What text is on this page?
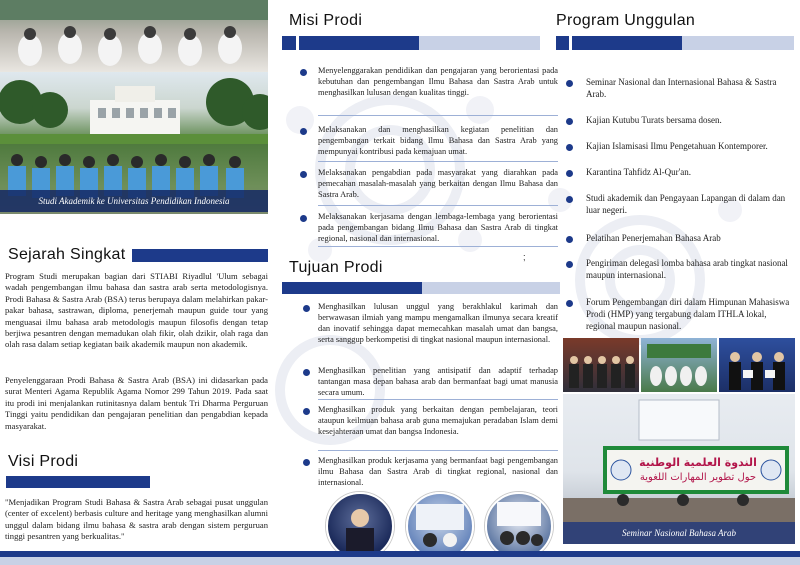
Studi Akademik ke Universitas Pendidikan Indonesia
Sejarah Singkat
Program Studi merupakan bagian dari STIABI Riyadlul 'Ulum sebagai wadah pengembangan ilmu bahasa dan sastra arab serta metodologisnya. Prodi Bahasa & Sastra Arab (BSA) terus berupaya dalam melahirkan pakar-pakar bahasa, sastrawan, diploma, penerjemah maupun guide tour yang menguasai ilmu bahasa arab metodologis maupun filosofis dengan tetap berjiwa pesantren dengan memadukan olah fikir, olah dzikir, olah raga dan olah rasa dalam setiap kegiatan baik akademik maupun non akademik.
Penyelenggaraan Prodi Bahasa & Sastra Arab (BSA) ini didasarkan pada surat Menteri Agama Republik Agama Nomor 299 Tahun 2019. Pada saat itu prodi ini menjalankan rutinitasnya dalam bentuk Tri Dharma Perguruan Tinggi yaitu pendidikan dan pengajaran penelitian dan pengabdian kepada masyarakat.
Visi Prodi
"Menjadikan Program Studi Bahasa & Sastra Arab sebagai pusat unggulan (center of excelent) berbasis culture and heritage yang menghasilkan alumni unggul dalam bidang ilmu bahasa & sastra arab dengan sistem perguruan tinggi pesantren yang berkualitas."
Misi Prodi
Menyelenggarakan pendidikan dan pengajaran yang berorientasi pada kebutuhan dan pengembangan Ilmu Bahasa dan Sastra Arab untuk menghasilkan lulusan dengan kualitas tinggi.
Melaksanakan dan menghasilkan kegiatan penelitian dan pengembangan terkait bidang Ilmu Bahasa dan Sastra Arab yang mempunyai kontribusi pada kemajuan umat.
Melaksanakan pengabdian pada masyarakat yang diarahkan pada pemecahan masalah-masalah yang berkaitan dengan Ilmu Bahasa dan Sastra Arab.
Melaksanakan kerjasama dengan lembaga-lembaga yang berorientasi pada pengembangan bidang Ilmu Bahasa dan Sastra Arab di tingkat regional, nasional dan internasional.
;
Tujuan Prodi
Menghasilkan lulusan unggul yang berakhlakul karimah dan berwawasan ilmiah yang mampu mengamalkan ilmunya secara kreatif dan inovatif sehingga dapat memecahkan masalah umat dan bangsa, serta sanggup berkompetisi di tingkat nasional maupun internasional.
Menghasilkan penelitian yang antisipatif dan adaptif terhadap tantangan masa depan bahasa arab dan bermanfaat bagi umat manusia secara umum.
Menghasilkan produk yang berkaitan dengan pembelajaran, teori ataupun keilmuan bahasa arab guna memajukan peradaban Islam demi kesejahteraan umat dan bangsa Indonesia.
Menghasilkan produk kerjasama yang bermanfaat bagi pengembangan ilmu Bahasa dan Sastra Arab di tingkat regional, nasional dan internasional.
Program Unggulan
Seminar Nasional dan Internasional Bahasa & Sastra Arab.
Kajian Kutubu Turats bersama dosen.
Kajian Islamisasi Ilmu Pengetahuan Kontemporer.
Karantina Tahfidz Al-Qur'an.
Studi akademik dan Pengayaan Lapangan di dalam dan luar negeri.
Pelatihan Penerjemahan Bahasa Arab
Pengiriman delegasi lomba bahasa arab tingkat nasional maupun internasional.
Forum Pengembangan diri dalam Himpunan Mahasiswa Prodi (HMP) yang tergabung dalam ITHLA lokal, regional maupun nasional.
الندوة العلمية الوطنية
حول تطوير المهارات اللغوية
Seminar Nasional Bahasa Arab
